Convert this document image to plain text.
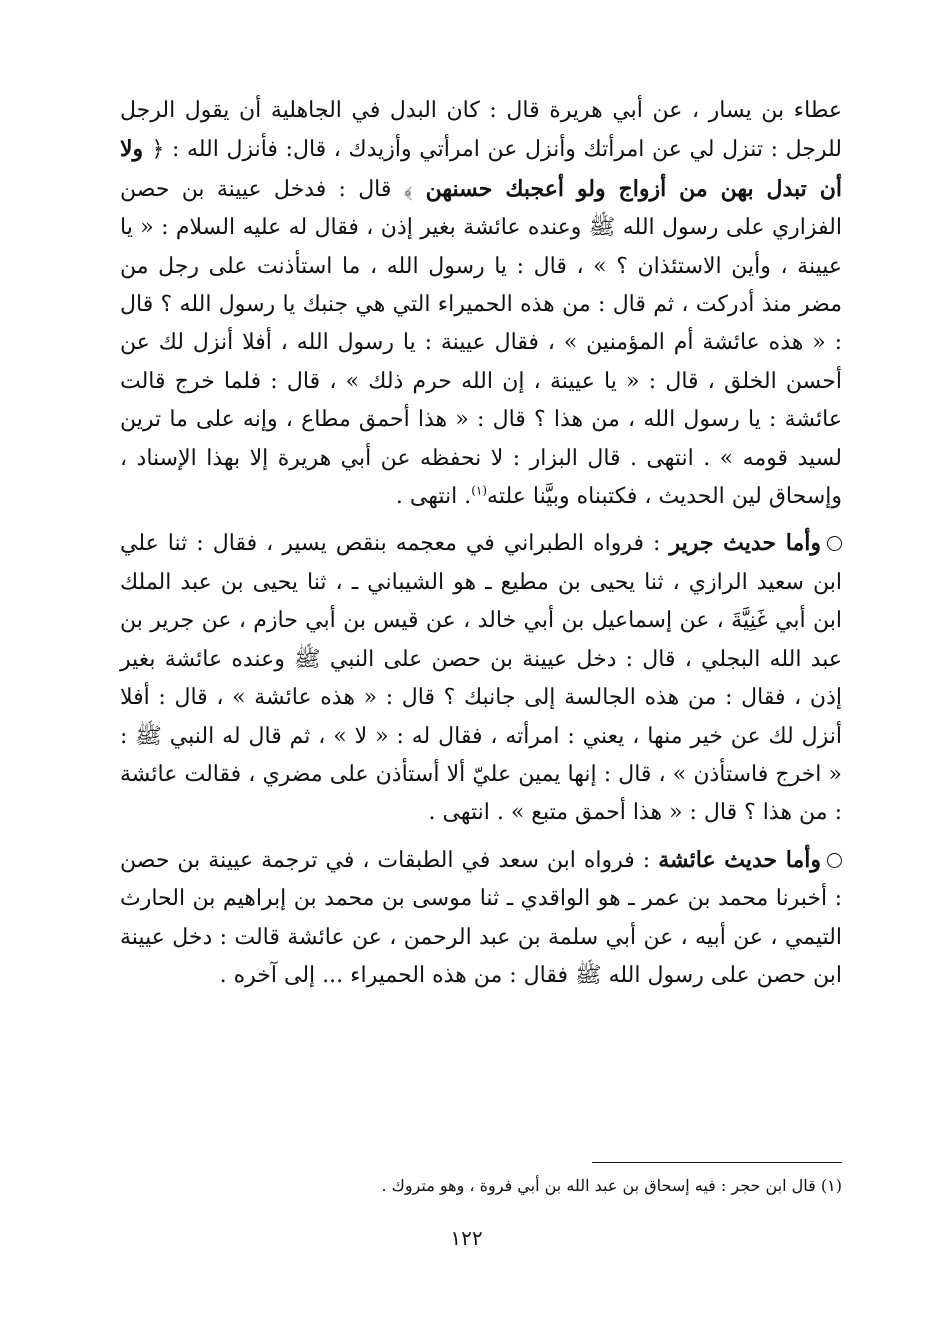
عطاء بن يسار ، عن أبي هريرة قال : كان البدل في الجاهلية أن يقول الرجل للرجل : تنزل لي عن امرأتك وأنزل عن امرأتي وأزيدك ، قال: فأنزل الله : ﴿ ولا أن تبدل بهن من أزواج ولو أعجبك حسنهن ﴾ قال : فدخل عيينة بن حصن الفزاري على رسول الله ﷺ وعنده عائشة بغير إذن ، فقال له عليه السلام : « يا عيينة ، وأين الاستئذان ؟ » ، قال : يا رسول الله ، ما استأذنت على رجل من مضر منذ أدركت ، ثم قال : من هذه الحميراء التي هي جنبك يا رسول الله ؟ قال : « هذه عائشة أم المؤمنين » ، فقال عيينة : يا رسول الله ، أفلا أنزل لك عن أحسن الخلق ، قال : « يا عيينة ، إن الله حرم ذلك » ، قال : فلما خرج قالت عائشة : يا رسول الله ، من هذا ؟ قال : « هذا أحمق مطاع ، وإنه على ما ترين لسيد قومه » . انتهى . قال البزار : لا نحفظه عن أبي هريرة إلا بهذا الإسناد ، وإسحاق لين الحديث ، فكتبناه وبيَّنا علته$^{(١)}$. انتهى .

وأما حديث جرير : فرواه الطبراني في معجمه بنقص يسير ، فقال : ثنا علي ابن سعيد الرازي ، ثنا يحيى بن مطيع ـ هو الشيباني ـ ، ثنا يحيى بن عبد الملك ابن أبي غَنِيَّةَ ، عن إسماعيل بن أبي خالد ، عن قيس بن أبي حازم ، عن جرير بن عبد الله البجلي ، قال : دخل عيينة بن حصن على النبي ﷺ وعنده عائشة بغير إذن ، فقال : من هذه الجالسة إلى جانبك ؟ قال : « هذه عائشة » ، قال : أفلا أنزل لك عن خير منها ، يعني : امرأته ، فقال له : « لا » ، ثم قال له النبي ﷺ : « اخرج فاستأذن » ، قال : إنها يمين عليّ ألا أستأذن على مضري ، فقالت عائشة : من هذا ؟ قال : « هذا أحمق متبع » . انتهى .

وأما حديث عائشة : فرواه ابن سعد في الطبقات ، في ترجمة عيينة بن حصن : أخبرنا محمد بن عمر ـ هو الواقدي ـ ثنا موسى بن محمد بن إبراهيم بن الحارث التيمي ، عن أبيه ، عن أبي سلمة بن عبد الرحمن ، عن عائشة قالت : دخل عيينة ابن حصن على رسول الله ﷺ فقال : من هذه الحميراء ... إلى آخره .

(١) قال ابن حجر : فيه إسحاق بن عبد الله بن أبي فروة ، وهو متروك .
١٢٢
